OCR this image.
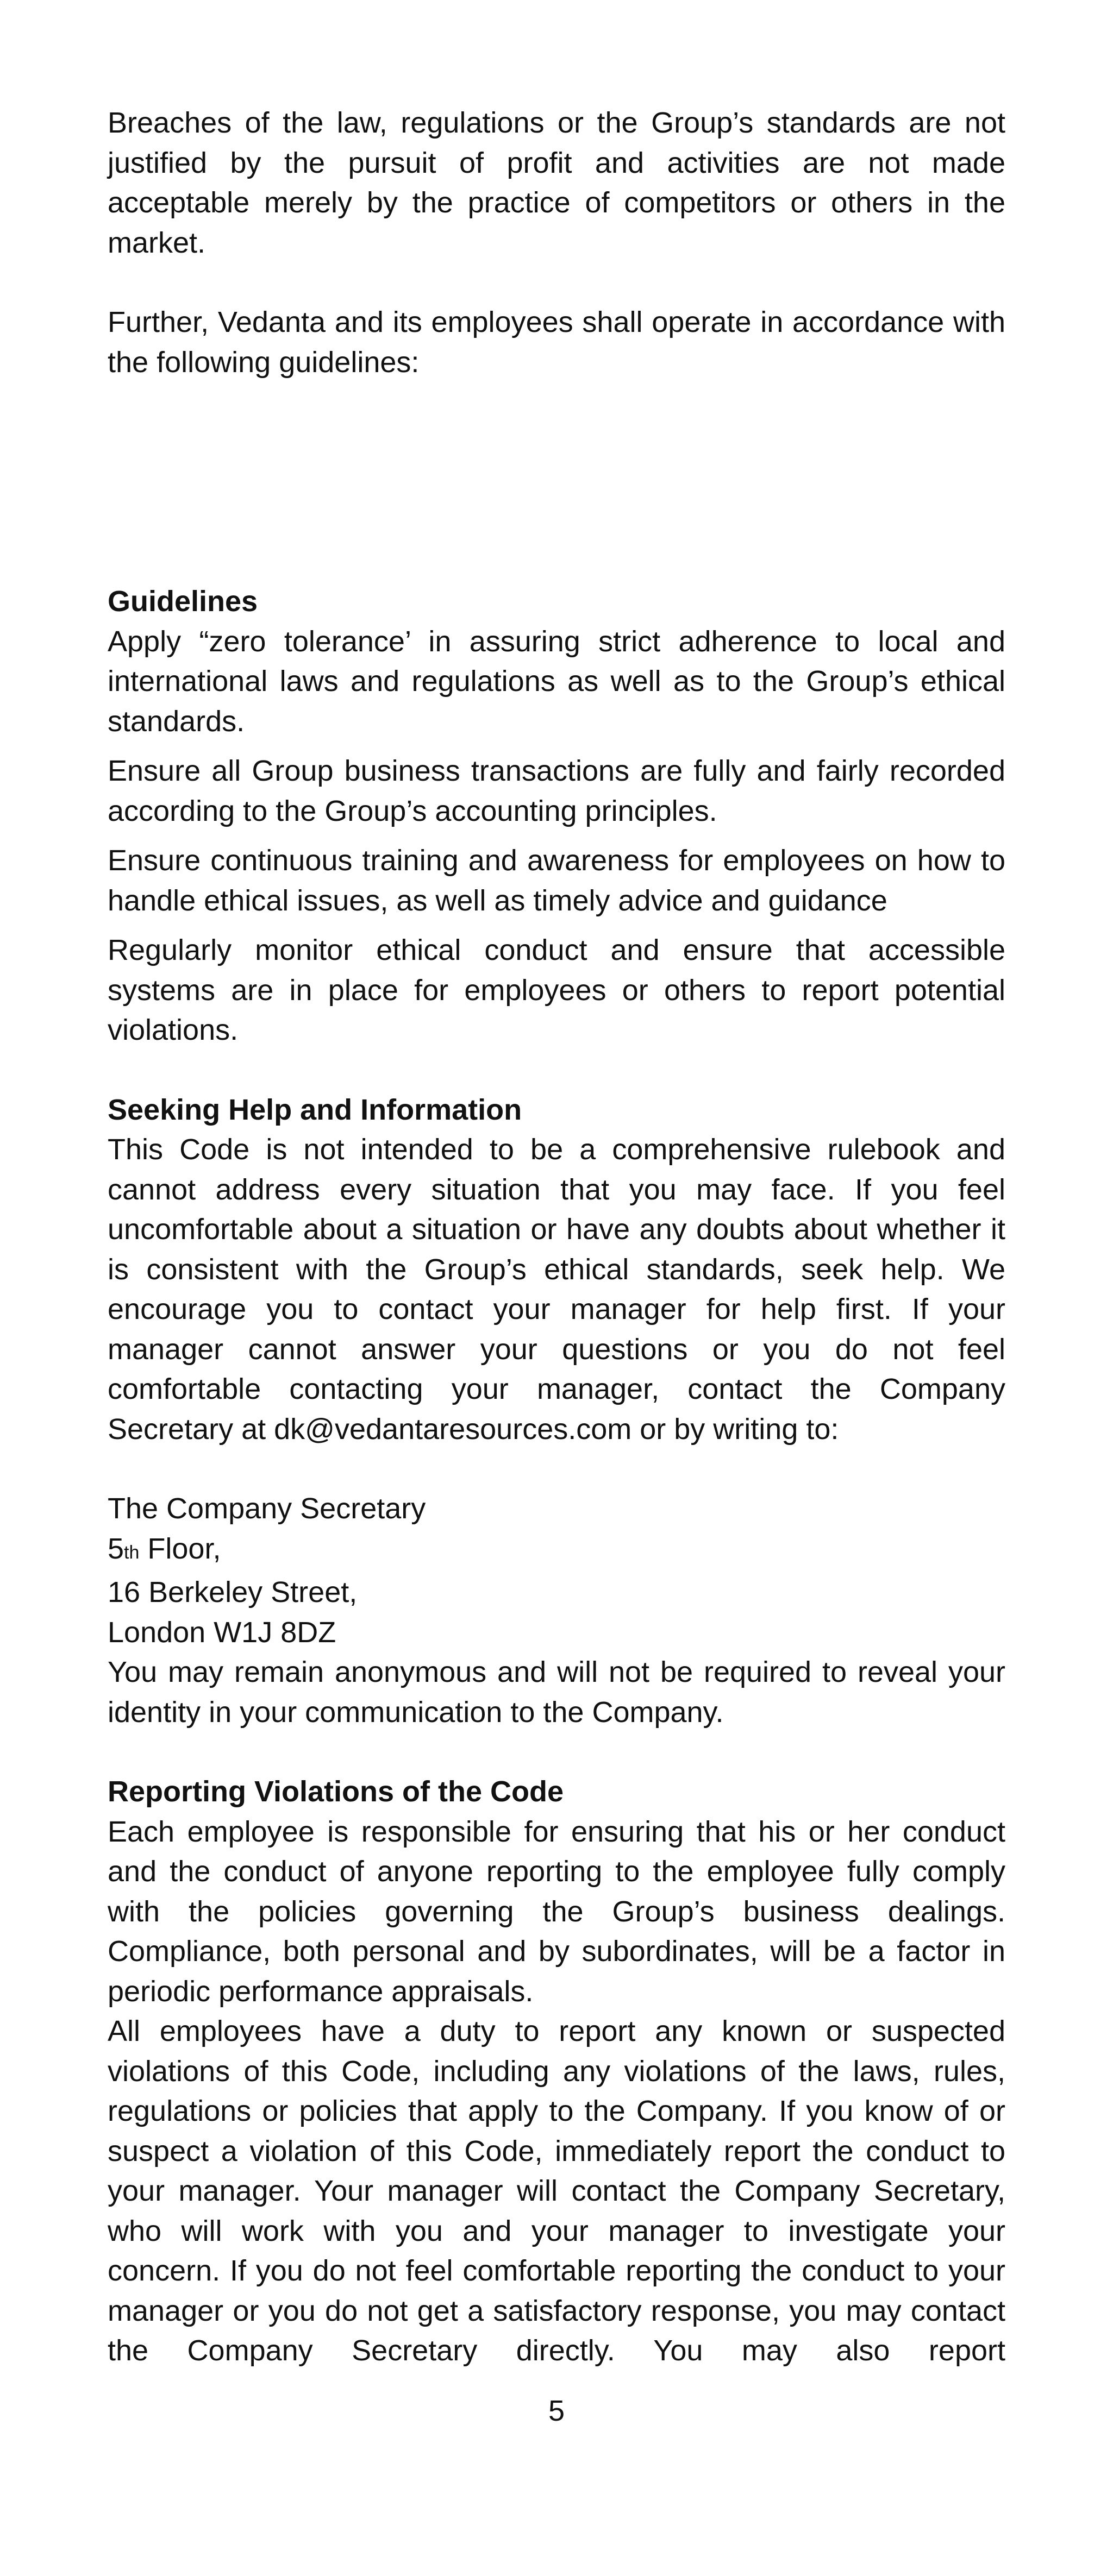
Breaches of the law, regulations or the Group’s standards are not justified by the pursuit of profit and activities are not made acceptable merely by the practice of competitors or others in the market.

Further, Vedanta and its employees shall operate in accordance with the following guidelines:

Guidelines

Apply “zero tolerance’ in assuring strict adherence to local and international laws and regulations as well as to the Group’s ethical standards.

Ensure all Group business transactions are fully and fairly recorded according to the Group’s accounting principles.

Ensure continuous training and awareness for employees on how to handle ethical issues, as well as timely advice and guidance

Regularly monitor ethical conduct and ensure that accessible systems are in place for employees or others to report potential violations.

Seeking Help and Information

This Code is not intended to be a comprehensive rulebook and cannot address every situation that you may face. If you feel uncomfortable about a situation or have any doubts about whether it is consistent with the Group’s ethical standards, seek help. We encourage you to contact your manager for help first. If your manager cannot answer your questions or you do not feel comfortable contacting your manager, contact the Company Secretary at dk@vedantaresources.com or by writing to:

The Company Secretary
5th Floor,
16 Berkeley Street,
London W1J 8DZ

You may remain anonymous and will not be required to reveal your identity in your communication to the Company.

Reporting Violations of the Code

Each employee is responsible for ensuring that his or her conduct and the conduct of anyone reporting to the employee fully comply with the policies governing the Group’s business dealings. Compliance, both personal and by subordinates, will be a factor in periodic performance appraisals.

All employees have a duty to report any known or suspected violations of this Code, including any violations of the laws, rules, regulations or policies that apply to the Company. If you know of or suspect a violation of this Code, immediately report the conduct to your manager. Your manager will contact the Company Secretary, who will work with you and your manager to investigate your concern. If you do not feel comfortable reporting the conduct to your manager or you do not get a satisfactory response, you may contact the Company Secretary directly. You may also report

5
